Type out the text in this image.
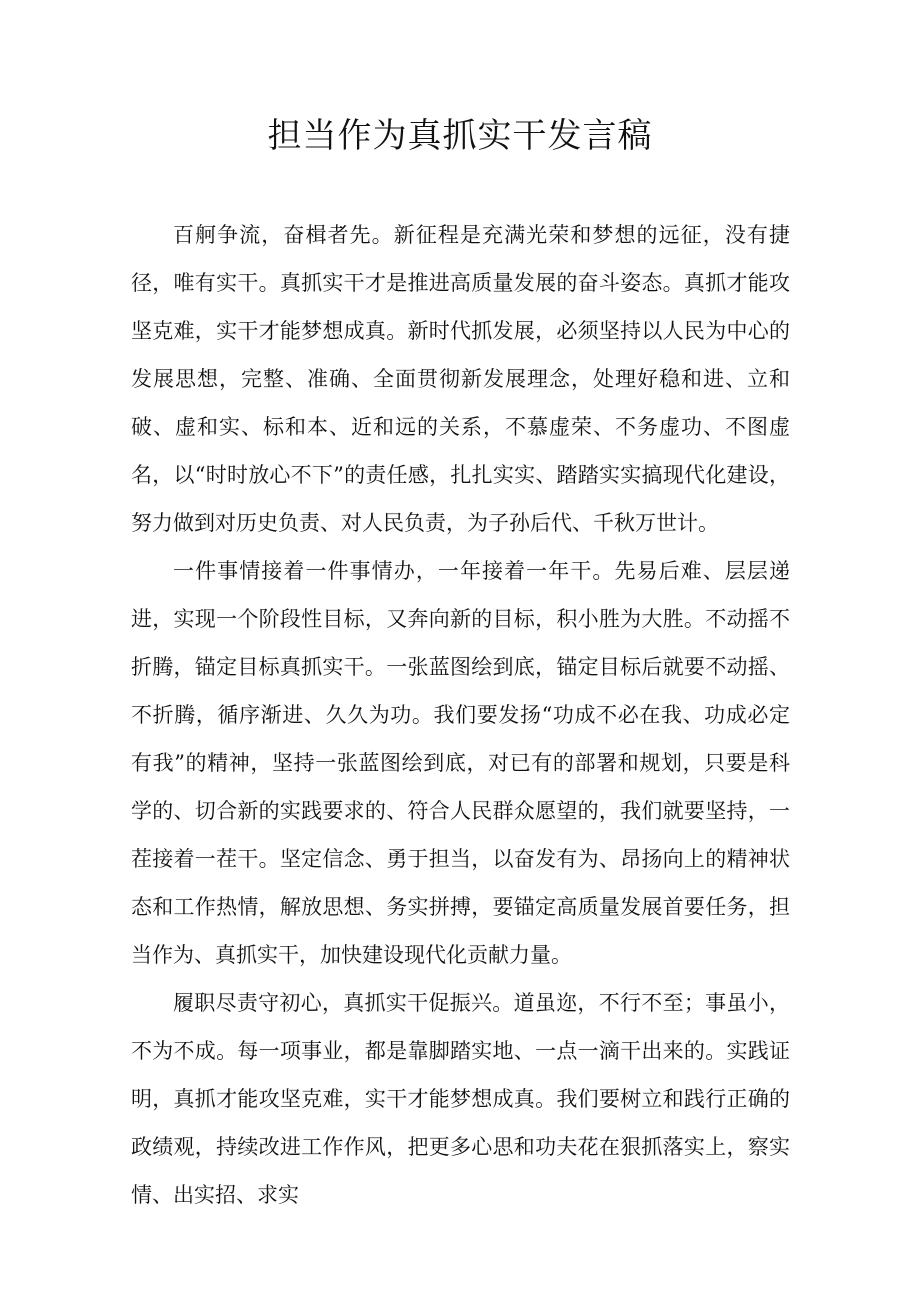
担当作为真抓实干发言稿

百舸争流，奋楫者先。新征程是充满光荣和梦想的远征，没有捷径，唯有实干。真抓实干才是推进高质量发展的奋斗姿态。真抓才能攻坚克难，实干才能梦想成真。新时代抓发展，必须坚持以人民为中心的发展思想，完整、准确、全面贯彻新发展理念，处理好稳和进、立和破、虚和实、标和本、近和远的关系，不慕虚荣、不务虚功、不图虚名，以“时时放心不下”的责任感，扎扎实实、踏踏实实搞现代化建设，努力做到对历史负责、对人民负责，为子孙后代、千秋万世计。

一件事情接着一件事情办，一年接着一年干。先易后难、层层递进，实现一个阶段性目标，又奔向新的目标，积小胜为大胜。不动摇不折腾，锚定目标真抓实干。一张蓝图绘到底，锚定目标后就要不动摇、不折腾，循序渐进、久久为功。我们要发扬“功成不必在我、功成必定有我”的精神，坚持一张蓝图绘到底，对已有的部署和规划，只要是科学的、切合新的实践要求的、符合人民群众愿望的，我们就要坚持，一茬接着一茬干。坚定信念、勇于担当，以奋发有为、昂扬向上的精神状态和工作热情，解放思想、务实拼搏，要锚定高质量发展首要任务，担当作为、真抓实干，加快建设现代化贡献力量。

履职尽责守初心，真抓实干促振兴。道虽迩，不行不至；事虽小，不为不成。每一项事业，都是靠脚踏实地、一点一滴干出来的。实践证明，真抓才能攻坚克难，实干才能梦想成真。我们要树立和践行正确的政绩观，持续改进工作作风，把更多心思和功夫花在狠抓落实上，察实情、出实招、求实
